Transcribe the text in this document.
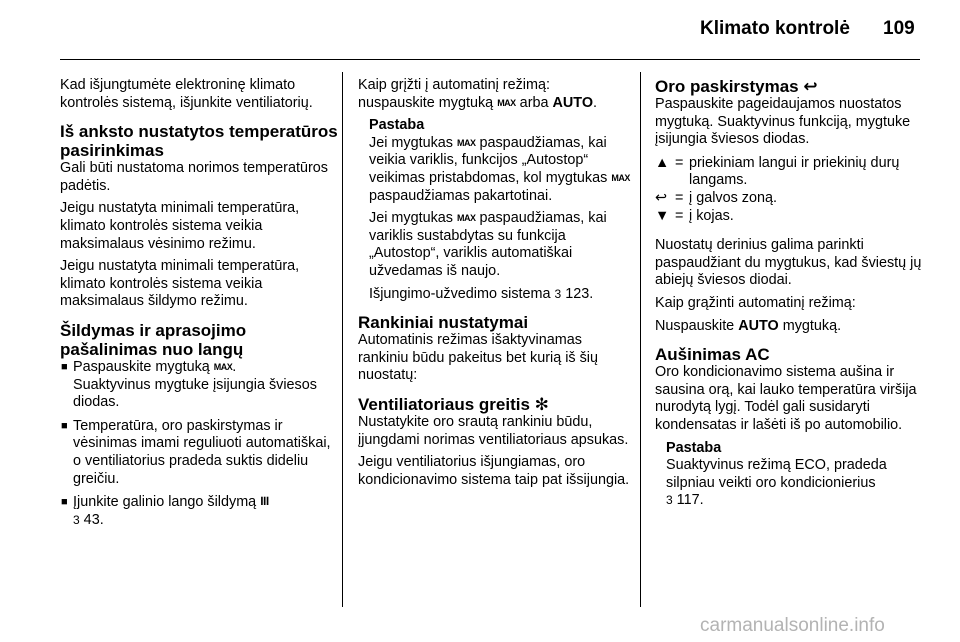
Klimato kontrolė 109

Kad išjungtumėte elektroninę klimato kontrolės sistemą, išjunkite ventiliatorių.

Iš anksto nustatytos temperatūros pasirinkimas

Gali būti nustatoma norimos temperatūros padėtis.

Jeigu nustatyta minimali temperatūra, klimato kontrolės sistema veikia maksimalaus vėsinimo režimu.

Jeigu nustatyta minimali temperatūra, klimato kontrolės sistema veikia maksimalaus šildymo režimu.

Šildymas ir aprasojimo pašalinimas nuo langų
■ Paspauskite mygtuką MAX.
Suaktyvinus mygtuke įsijungia šviesos diodas.
■ Temperatūra, oro paskirstymas ir vėsinimas imami reguliuoti automatiškai, o ventiliatorius pradeda suktis dideliu greičiu.
■ Įjunkite galinio lango šildymą ꟾꟾꟾ
3 43.

Kaip grįžti į automatinį režimą: nuspauskite mygtuką MAX arba AUTO.

Pastaba

Jei mygtukas MAX paspaudžiamas, kai veikia variklis, funkcijos „Autostop“ veikimas pristabdomas, kol mygtukas MAX paspaudžiamas pakartotinai.

Jei mygtukas MAX paspaudžiamas, kai variklis sustabdytas su funkcija „Autostop“, variklis automatiškai užvedamas iš naujo.

Išjungimo-užvedimo sistema 3 123.

Rankiniai nustatymai

Automatinis režimas išaktyvinamas rankiniu būdu pakeitus bet kurią iš šių nuostatų:

Ventiliatoriaus greitis ✻

Nustatykite oro srautą rankiniu būdu, įjungdami norimas ventiliatoriaus apsukas.

Jeigu ventiliatorius išjungiamas, oro kondicionavimo sistema taip pat išsijungia.

Oro paskirstymas ↩

Paspauskite pageidaujamos nuostatos mygtuką. Suaktyvinus funkciją, mygtuke įsijungia šviesos diodas.

▲ = priekiniam langui ir priekinių durų langams.
↩ = į galvos zoną.
▼ = į kojas.

Nuostatų derinius galima parinkti paspaudžiant du mygtukus, kad šviestų jų abiejų šviesos diodai.

Kaip grąžinti automatinį režimą:

Nuspauskite AUTO mygtuką.

Aušinimas AC

Oro kondicionavimo sistema aušina ir sausina orą, kai lauko temperatūra viršija nurodytą lygį. Todėl gali susidaryti kondensatas ir lašėti iš po automobilio.

Pastaba

Suaktyvinus režimą ECO, pradeda silpniau veikti oro kondicionierius
3 117.

carmanualsonline.info
